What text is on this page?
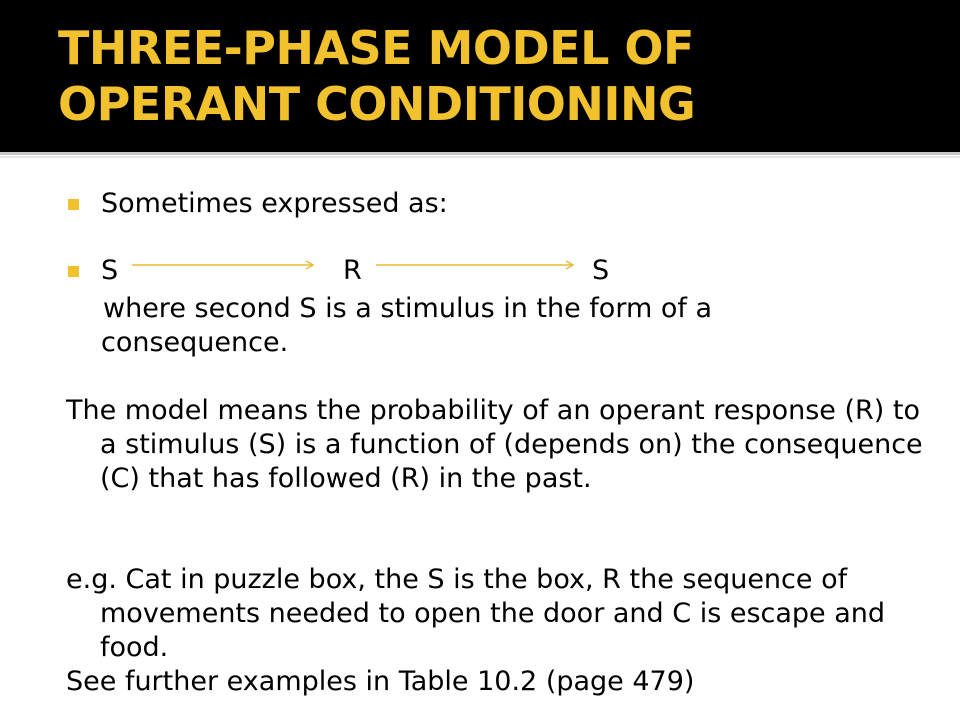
THREE-PHASE MODEL OF
OPERANT CONDITIONING
Sometimes expressed as:
S	R	S
where second S is a stimulus in the form of a
consequence.

The model means the probability of an operant response (R) to a stimulus (S) is a function of (depends on) the consequence (C) that has followed (R) in the past.

e.g. Cat in puzzle box, the S is the box, R the sequence of movements needed to open the door and C is escape and food.

See further examples in Table 10.2 (page 479)
